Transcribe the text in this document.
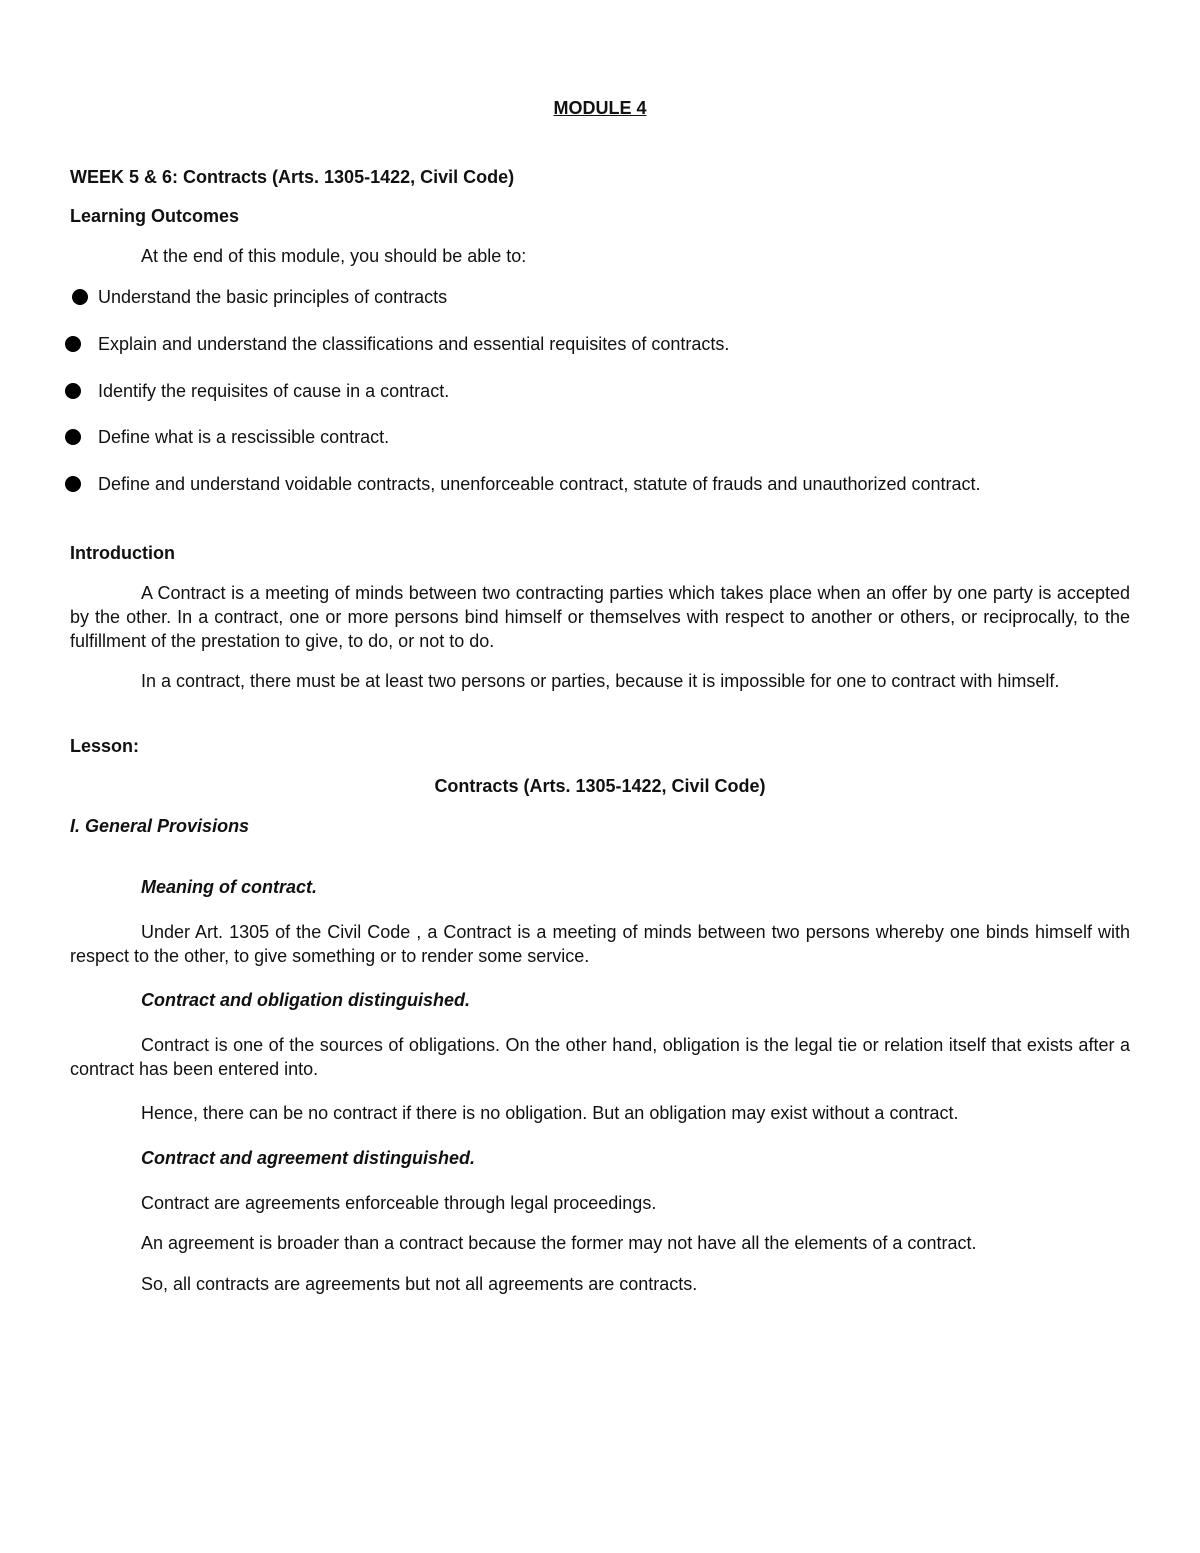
MODULE 4

WEEK 5 & 6: Contracts (Arts. 1305-1422, Civil Code)

Learning Outcomes

At the end of this module, you should be able to:

Understand the basic principles of contracts
Explain and understand the classifications and essential requisites of contracts.
Identify the requisites of cause in a contract.
Define what is a rescissible contract.
Define and understand voidable contracts, unenforceable contract, statute of frauds and unauthorized contract.

Introduction

A Contract is a meeting of minds between two contracting parties which takes place when an offer by one party is accepted by the other. In a contract, one or more persons bind himself or themselves with respect to another or others, or reciprocally, to the fulfillment of the prestation to give, to do, or not to do.

In a contract, there must be at least two persons or parties, because it is impossible for one to contract with himself.

Lesson:

Contracts (Arts. 1305-1422, Civil Code)

I. General Provisions

Meaning of contract.

Under Art. 1305 of the Civil Code , a Contract is a meeting of minds between two persons whereby one binds himself with respect to the other, to give something or to render some service.

Contract and obligation distinguished.

Contract is one of the sources of obligations. On the other hand, obligation is the legal tie or relation itself that exists after a contract has been entered into.

Hence, there can be no contract if there is no obligation. But an obligation may exist without a contract.

Contract and agreement distinguished.

Contract are agreements enforceable through legal proceedings.

An agreement is broader than a contract because the former may not have all the elements of a contract.

So, all contracts are agreements but not all agreements are contracts.
